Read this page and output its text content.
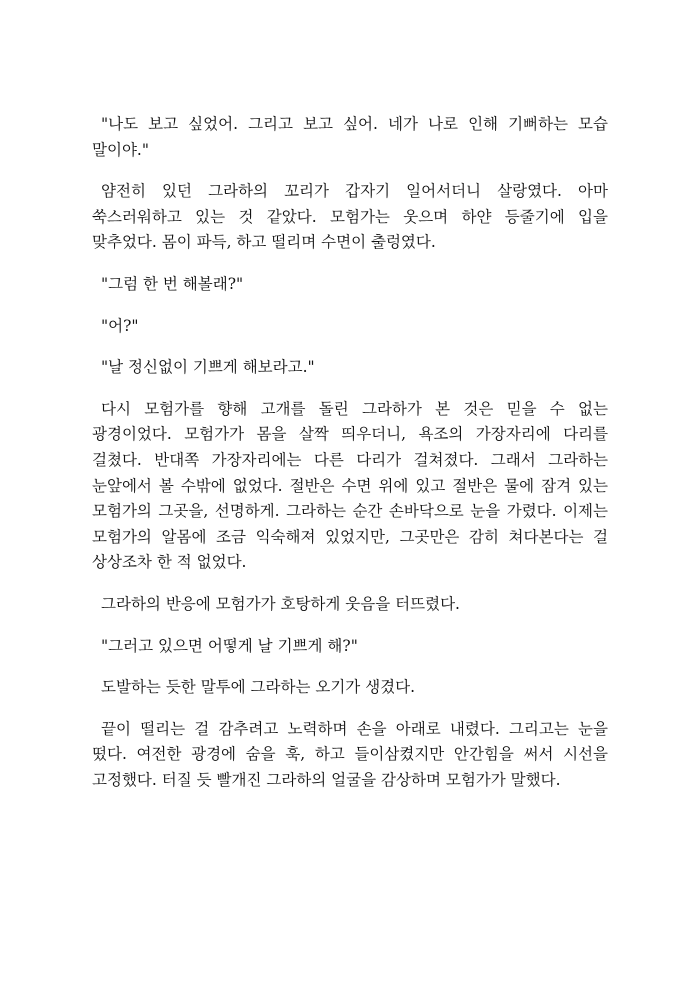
"나도 보고 싶었어. 그리고 보고 싶어. 네가 나로 인해 기뻐하는 모습 말이야."

얌전히 있던 그라하의 꼬리가 갑자기 일어서더니 살랑였다. 아마 쑥스러워하고 있는 것 같았다. 모험가는 웃으며 하얀 등줄기에 입을 맞추었다. 몸이 파득, 하고 떨리며 수면이 출렁였다.

"그럼 한 번 해볼래?"

"어?"

"날 정신없이 기쁘게 해보라고."

다시 모험가를 향해 고개를 돌린 그라하가 본 것은 믿을 수 없는 광경이었다. 모험가가 몸을 살짝 띄우더니, 욕조의 가장자리에 다리를 걸쳤다. 반대쪽 가장자리에는 다른 다리가 걸쳐졌다. 그래서 그라하는 눈앞에서 볼 수밖에 없었다. 절반은 수면 위에 있고 절반은 물에 잠겨 있는 모험가의 그곳을, 선명하게. 그라하는 순간 손바닥으로 눈을 가렸다. 이제는 모험가의 알몸에 조금 익숙해져 있었지만, 그곳만은 감히 쳐다본다는 걸 상상조차 한 적 없었다.

그라하의 반응에 모험가가 호탕하게 웃음을 터뜨렸다.

"그러고 있으면 어떻게 날 기쁘게 해?"

도발하는 듯한 말투에 그라하는 오기가 생겼다.

끝이 떨리는 걸 감추려고 노력하며 손을 아래로 내렸다. 그리고는 눈을 떴다. 여전한 광경에 숨을 훅, 하고 들이삼켰지만 안간힘을 써서 시선을 고정했다. 터질 듯 빨개진 그라하의 얼굴을 감상하며 모험가가 말했다.
